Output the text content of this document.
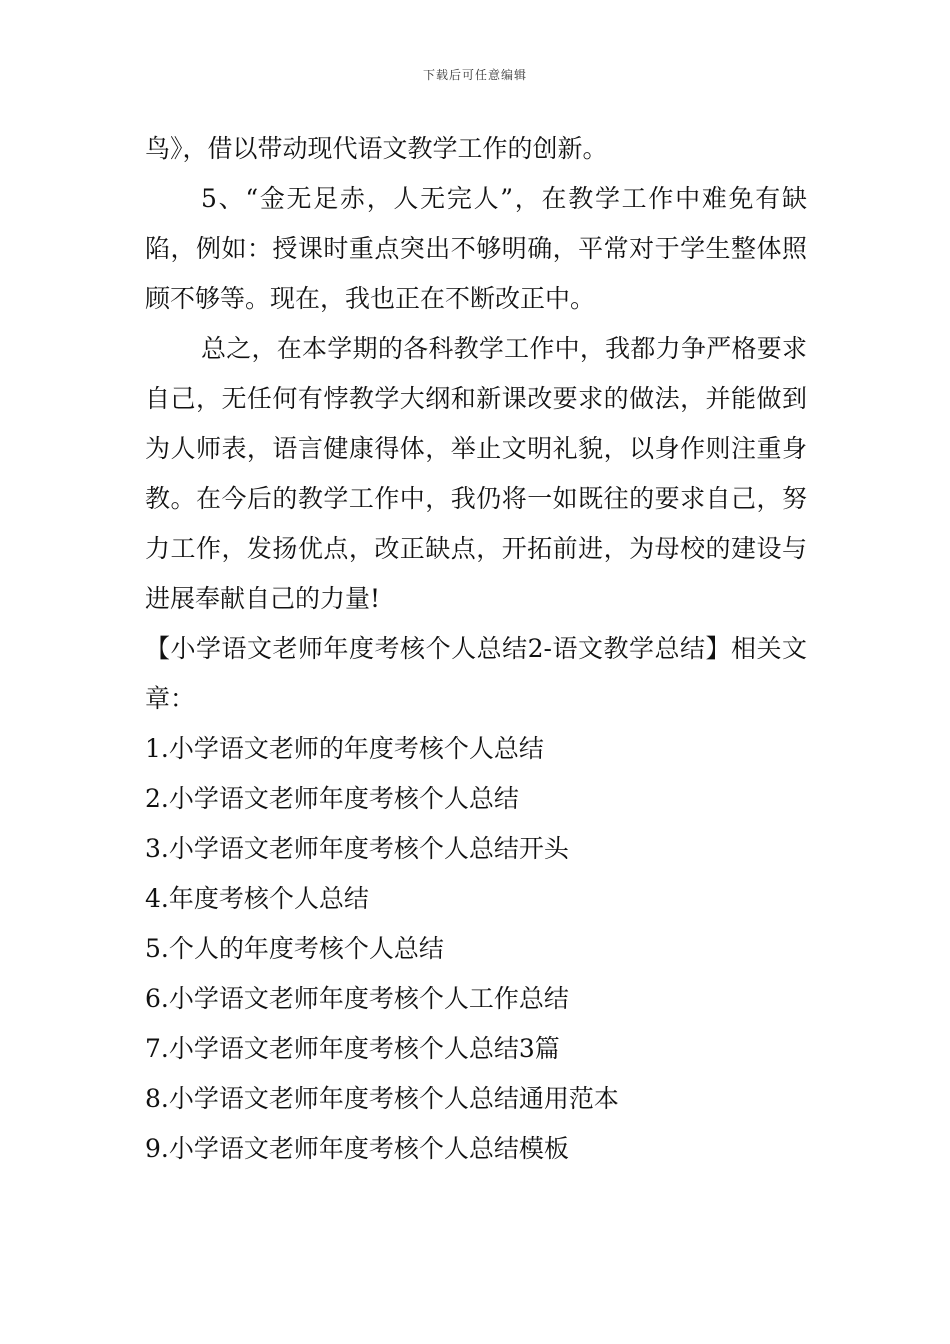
下载后可任意编辑

鸟》，借以带动现代语文教学工作的创新。

5、“金无足赤，人无完人”，在教学工作中难免有缺陷，例如：授课时重点突出不够明确，平常对于学生整体照顾不够等。现在，我也正在不断改正中。

总之，在本学期的各科教学工作中，我都力争严格要求自己，无任何有悖教学大纲和新课改要求的做法，并能做到为人师表，语言健康得体，举止文明礼貌，以身作则注重身教。在今后的教学工作中，我仍将一如既往的要求自己，努力工作，发扬优点，改正缺点，开拓前进，为母校的建设与进展奉献自己的力量!

【小学语文老师年度考核个人总结2-语文教学总结】相关文章：

1.小学语文老师的年度考核个人总结
2.小学语文老师年度考核个人总结
3.小学语文老师年度考核个人总结开头
4.年度考核个人总结
5.个人的年度考核个人总结
6.小学语文老师年度考核个人工作总结
7.小学语文老师年度考核个人总结3篇
8.小学语文老师年度考核个人总结通用范本
9.小学语文老师年度考核个人总结模板
